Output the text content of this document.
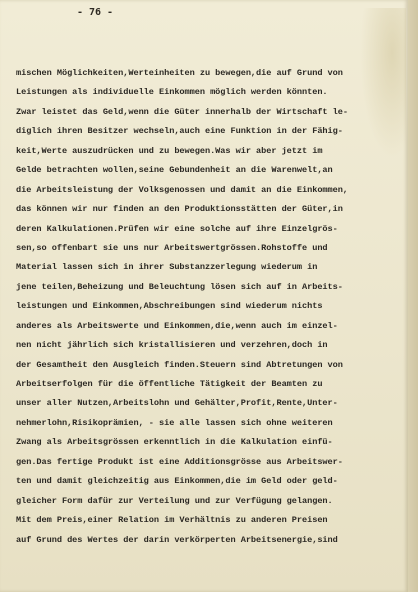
- 76 -
mischen Möglichkeiten,Werteinheiten zu bewegen,die auf Grund von
Leistungen als individuelle Einkommen möglich werden könnten.
Zwar leistet das Geld,wenn die Güter innerhalb der Wirtschaft le-
diglich ihren Besitzer wechseln,auch eine Funktion in der Fähig-
keit,Werte auszudrücken und zu bewegen.Was wir aber jetzt im
Gelde betrachten wollen,seine Gebundenheit an die Warenwelt,an
die Arbeitsleistung der Volksgenossen und damit an die Einkommen,
das können wir nur finden an den Produktionsstätten der Güter,in
deren Kalkulationen.Prüfen wir eine solche auf ihre Einzelgrös-
sen,so offenbart sie uns nur Arbeitswertgrössen.Rohstoffe und
Material lassen sich in ihrer Substanzzerlegung wiederum in
jene teilen,Beheizung und Beleuchtung lösen sich auf in Arbeits-
leistungen und Einkommen,Abschreibungen sind wiederum nichts
anderes als Arbeitswerte und Einkommen,die,wenn auch im einzel-
nen nicht jährlich sich kristallisieren und verzehren,doch in
der Gesamtheit den Ausgleich finden.Steuern sind Abtretungen von
Arbeitserfolgen für die öffentliche Tätigkeit der Beamten zu
unser aller Nutzen,Arbeitslohn und Gehälter,Profit,Rente,Unter-
nehmerlohn,Risikoprämien, - sie alle lassen sich ohne weiteren
Zwang als Arbeitsgrössen erkenntlich in die Kalkulation einfü-
gen.Das fertige Produkt ist eine Additionsgrösse aus Arbeitswer-
ten und damit gleichzeitig aus Einkommen,die im Geld oder geld-
gleicher Form dafür zur Verteilung und zur Verfügung gelangen.
Mit dem Preis,einer Relation im Verhältnis zu anderen Preisen
auf Grund des Wertes der darin verkörperten Arbeitsenergie,sind
